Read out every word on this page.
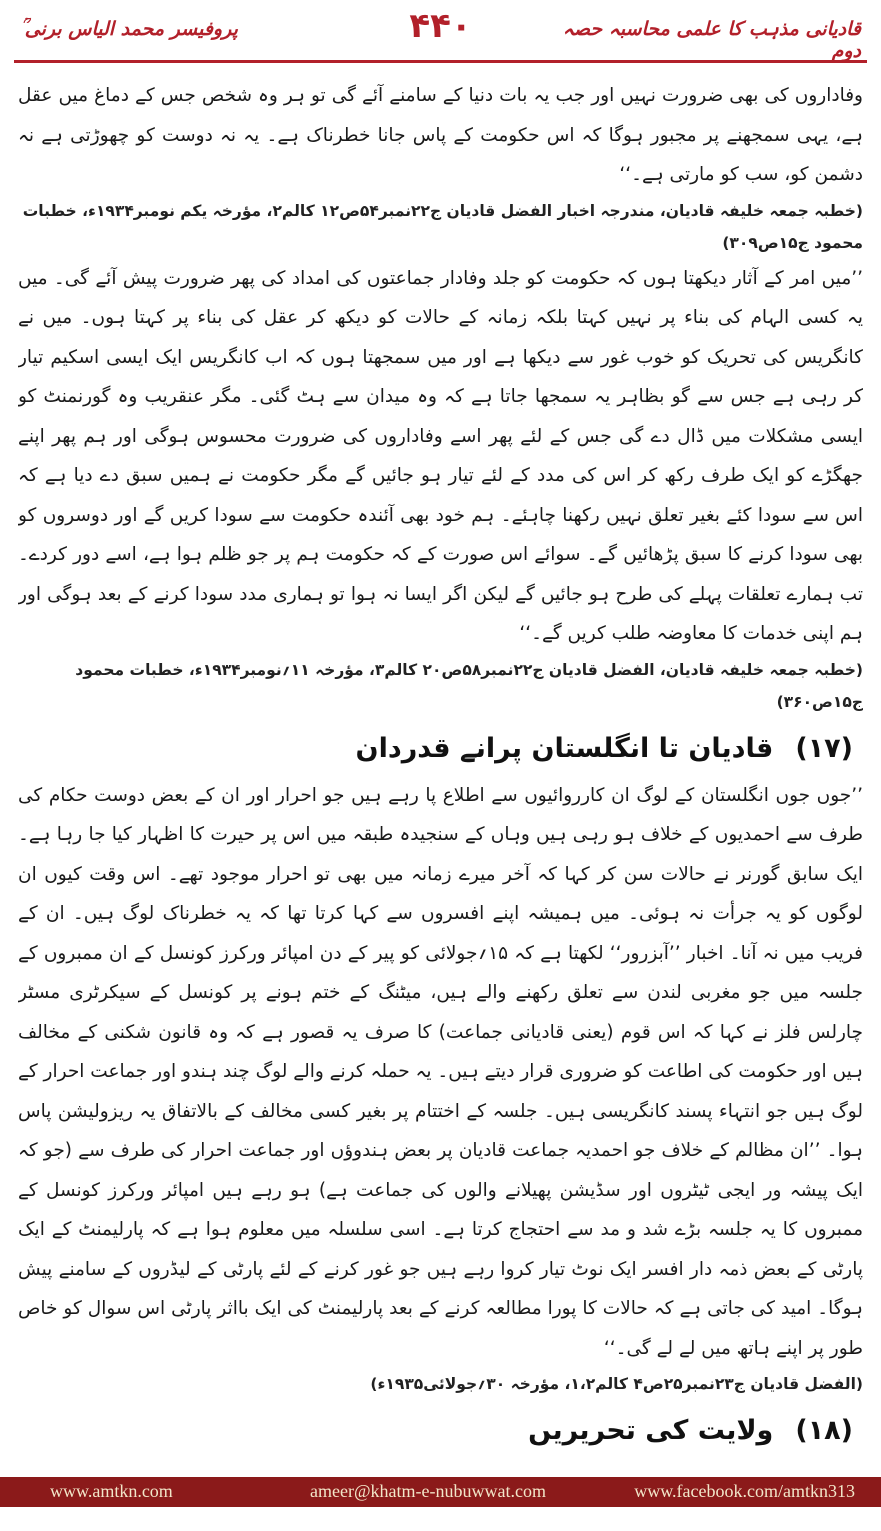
قادیانی مذہب کا علمی محاسبہ حصہ دوم
۴۴۰
پروفیسر محمد الیاس برنی ؒ

وفاداروں کی بھی ضرورت نہیں اور جب یہ بات دنیا کے سامنے آئے گی تو ہر وہ شخص جس کے دماغ میں عقل ہے، یہی سمجھنے پر مجبور ہوگا کہ اس حکومت کے پاس جانا خطرناک ہے۔ یہ نہ دوست کو چھوڑتی ہے نہ دشمن کو، سب کو مارتی ہے۔‘‘

(خطبہ جمعہ خلیفہ قادیان، مندرجہ اخبار الفضل قادیان ج۲۲نمبر۵۴ص۱۲ کالم۲، مؤرخہ یکم نومبر۱۹۳۴ء، خطبات محمود ج۱۵ص۳۰۹)

’’میں امر کے آثار دیکھتا ہوں کہ حکومت کو جلد وفادار جماعتوں کی امداد کی پھر ضرورت پیش آئے گی۔ میں یہ کسی الہام کی بناء پر نہیں کہتا بلکہ زمانہ کے حالات کو دیکھ کر عقل کی بناء پر کہتا ہوں۔ میں نے کانگریس کی تحریک کو خوب غور سے دیکھا ہے اور میں سمجھتا ہوں کہ اب کانگریس ایک ایسی اسکیم تیار کر رہی ہے جس سے گو بظاہر یہ سمجھا جاتا ہے کہ وہ میدان سے ہٹ گئی۔ مگر عنقریب وہ گورنمنٹ کو ایسی مشکلات میں ڈال دے گی جس کے لئے پھر اسے وفاداروں کی ضرورت محسوس ہوگی اور ہم پھر اپنے جھگڑے کو ایک طرف رکھ کر اس کی مدد کے لئے تیار ہو جائیں گے مگر حکومت نے ہمیں سبق دے دیا ہے کہ اس سے سودا کئے بغیر تعلق نہیں رکھنا چاہئے۔ ہم خود بھی آئندہ حکومت سے سودا کریں گے اور دوسروں کو بھی سودا کرنے کا سبق پڑھائیں گے۔ سوائے اس صورت کے کہ حکومت ہم پر جو ظلم ہوا ہے، اسے دور کردے۔ تب ہمارے تعلقات پہلے کی طرح ہو جائیں گے لیکن اگر ایسا نہ ہوا تو ہماری مدد سودا کرنے کے بعد ہوگی اور ہم اپنی خدمات کا معاوضہ طلب کریں گے۔‘‘

(خطبہ جمعہ خلیفہ قادیان، الفضل قادیان ج۲۲نمبر۵۸ص۲۰ کالم۳، مؤرخہ ۱۱؍نومبر۱۹۳۴ء، خطبات محمود ج۱۵ص۳۶۰)

(۱۷)قادیان تا انگلستان پرانے قدردان

’’جوں جوں انگلستان کے لوگ ان کارروائیوں سے اطلاع پا رہے ہیں جو احرار اور ان کے بعض دوست حکام کی طرف سے احمدیوں کے خلاف ہو رہی ہیں وہاں کے سنجیدہ طبقہ میں اس پر حیرت کا اظہار کیا جا رہا ہے۔ ایک سابق گورنر نے حالات سن کر کہا کہ آخر میرے زمانہ میں بھی تو احرار موجود تھے۔ اس وقت کیوں ان لوگوں کو یہ جرأت نہ ہوئی۔ میں ہمیشہ اپنے افسروں سے کہا کرتا تھا کہ یہ خطرناک لوگ ہیں۔ ان کے فریب میں نہ آنا۔ اخبار ’’آبزرور‘‘ لکھتا ہے کہ ۱۵؍جولائی کو پیر کے دن امپائر ورکرز کونسل کے ان ممبروں کے جلسہ میں جو مغربی لندن سے تعلق رکھنے والے ہیں، میٹنگ کے ختم ہونے پر کونسل کے سیکرٹری مسٹر چارلس فلز نے کہا کہ اس قوم (یعنی قادیانی جماعت) کا صرف یہ قصور ہے کہ وہ قانون شکنی کے مخالف ہیں اور حکومت کی اطاعت کو ضروری قرار دیتے ہیں۔ یہ حملہ کرنے والے لوگ چند ہندو اور جماعت احرار کے لوگ ہیں جو انتہاء پسند کانگریسی ہیں۔ جلسہ کے اختتام پر بغیر کسی مخالف کے بالاتفاق یہ ریزولیشن پاس ہوا۔ ’’ان مظالم کے خلاف جو احمدیہ جماعت قادیان پر بعض ہندوؤں اور جماعت احرار کی طرف سے (جو کہ ایک پیشہ ور ایجی ٹیٹروں اور سڈیشن پھیلانے والوں کی جماعت ہے) ہو رہے ہیں امپائر ورکرز کونسل کے ممبروں کا یہ جلسہ بڑے شد و مد سے احتجاج کرتا ہے۔ اسی سلسلہ میں معلوم ہوا ہے کہ پارلیمنٹ کے ایک پارٹی کے بعض ذمہ دار افسر ایک نوٹ تیار کروا رہے ہیں جو غور کرنے کے لئے پارٹی کے لیڈروں کے سامنے پیش ہوگا۔ امید کی جاتی ہے کہ حالات کا پورا مطالعہ کرنے کے بعد پارلیمنٹ کی ایک بااثر پارٹی اس سوال کو خاص طور پر اپنے ہاتھ میں لے لے گی۔‘‘

(الفضل قادیان ج۲۳نمبر۲۵ص۴ کالم۱،۲، مؤرخہ ۳۰؍جولائی۱۹۳۵ء)

(۱۸)ولایت کی تحریریں

www.amtkn.com	ameer@khatm-e-nubuwwat.com	www.facebook.com/amtkn313
